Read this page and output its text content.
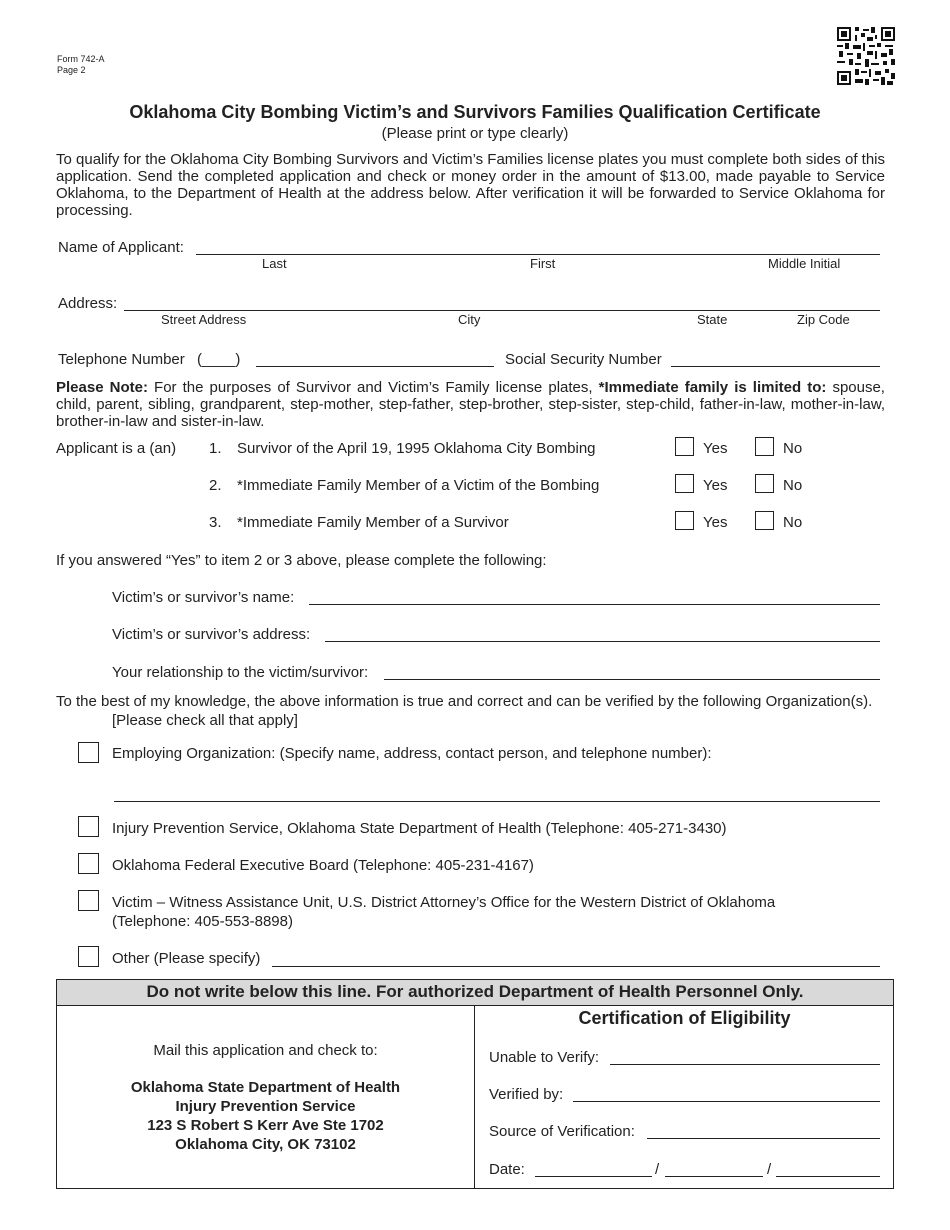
Form 742-A
Page 2
Oklahoma City Bombing Victim’s and Survivors Families Qualification Certificate
(Please print or type clearly)
To qualify for the Oklahoma City Bombing Survivors and Victim’s Families license plates you must complete both sides of this application. Send the completed application and check or money order in the amount of $13.00, made payable to Service Oklahoma, to the Department of Health at the address below. After verification it will be forwarded to Service Oklahoma for processing.
Name of Applicant:
Last	First	Middle Initial
Address:
Street Address	City	State	Zip Code
Telephone Number (____)	Social Security Number
Please Note: For the purposes of Survivor and Victim’s Family license plates, *Immediate family is limited to: spouse, child, parent, sibling, grandparent, step-mother, step-father, step-brother, step-sister, step-child, father-in-law, mother-in-law, brother-in-law and sister-in-law.
Applicant is a (an) 1. Survivor of the April 19, 1995 Oklahoma City Bombing	Yes	No
2. *Immediate Family Member of a Victim of the Bombing	Yes	No
3. *Immediate Family Member of a Survivor	Yes	No
If you answered “Yes” to item 2 or 3 above, please complete the following:
Victim’s or survivor’s name:
Victim’s or survivor’s address:
Your relationship to the victim/survivor:
To the best of my knowledge, the above information is true and correct and can be verified by the following Organization(s).
[Please check all that apply]
Employing Organization: (Specify name, address, contact person, and telephone number):
Injury Prevention Service, Oklahoma State Department of Health (Telephone: 405-271-3430)
Oklahoma Federal Executive Board (Telephone: 405-231-4167)
Victim – Witness Assistance Unit, U.S. District Attorney’s Office for the Western District of Oklahoma
(Telephone: 405-553-8898)
Other (Please specify)
Do not write below this line. For authorized Department of Health Personnel Only.
Mail this application and check to:
Oklahoma State Department of Health
Injury Prevention Service
123 S Robert S Kerr Ave Ste 1702
Oklahoma City, OK 73102
Certification of Eligibility
Unable to Verify:
Verified by:
Source of Verification:
Date:	/	/
